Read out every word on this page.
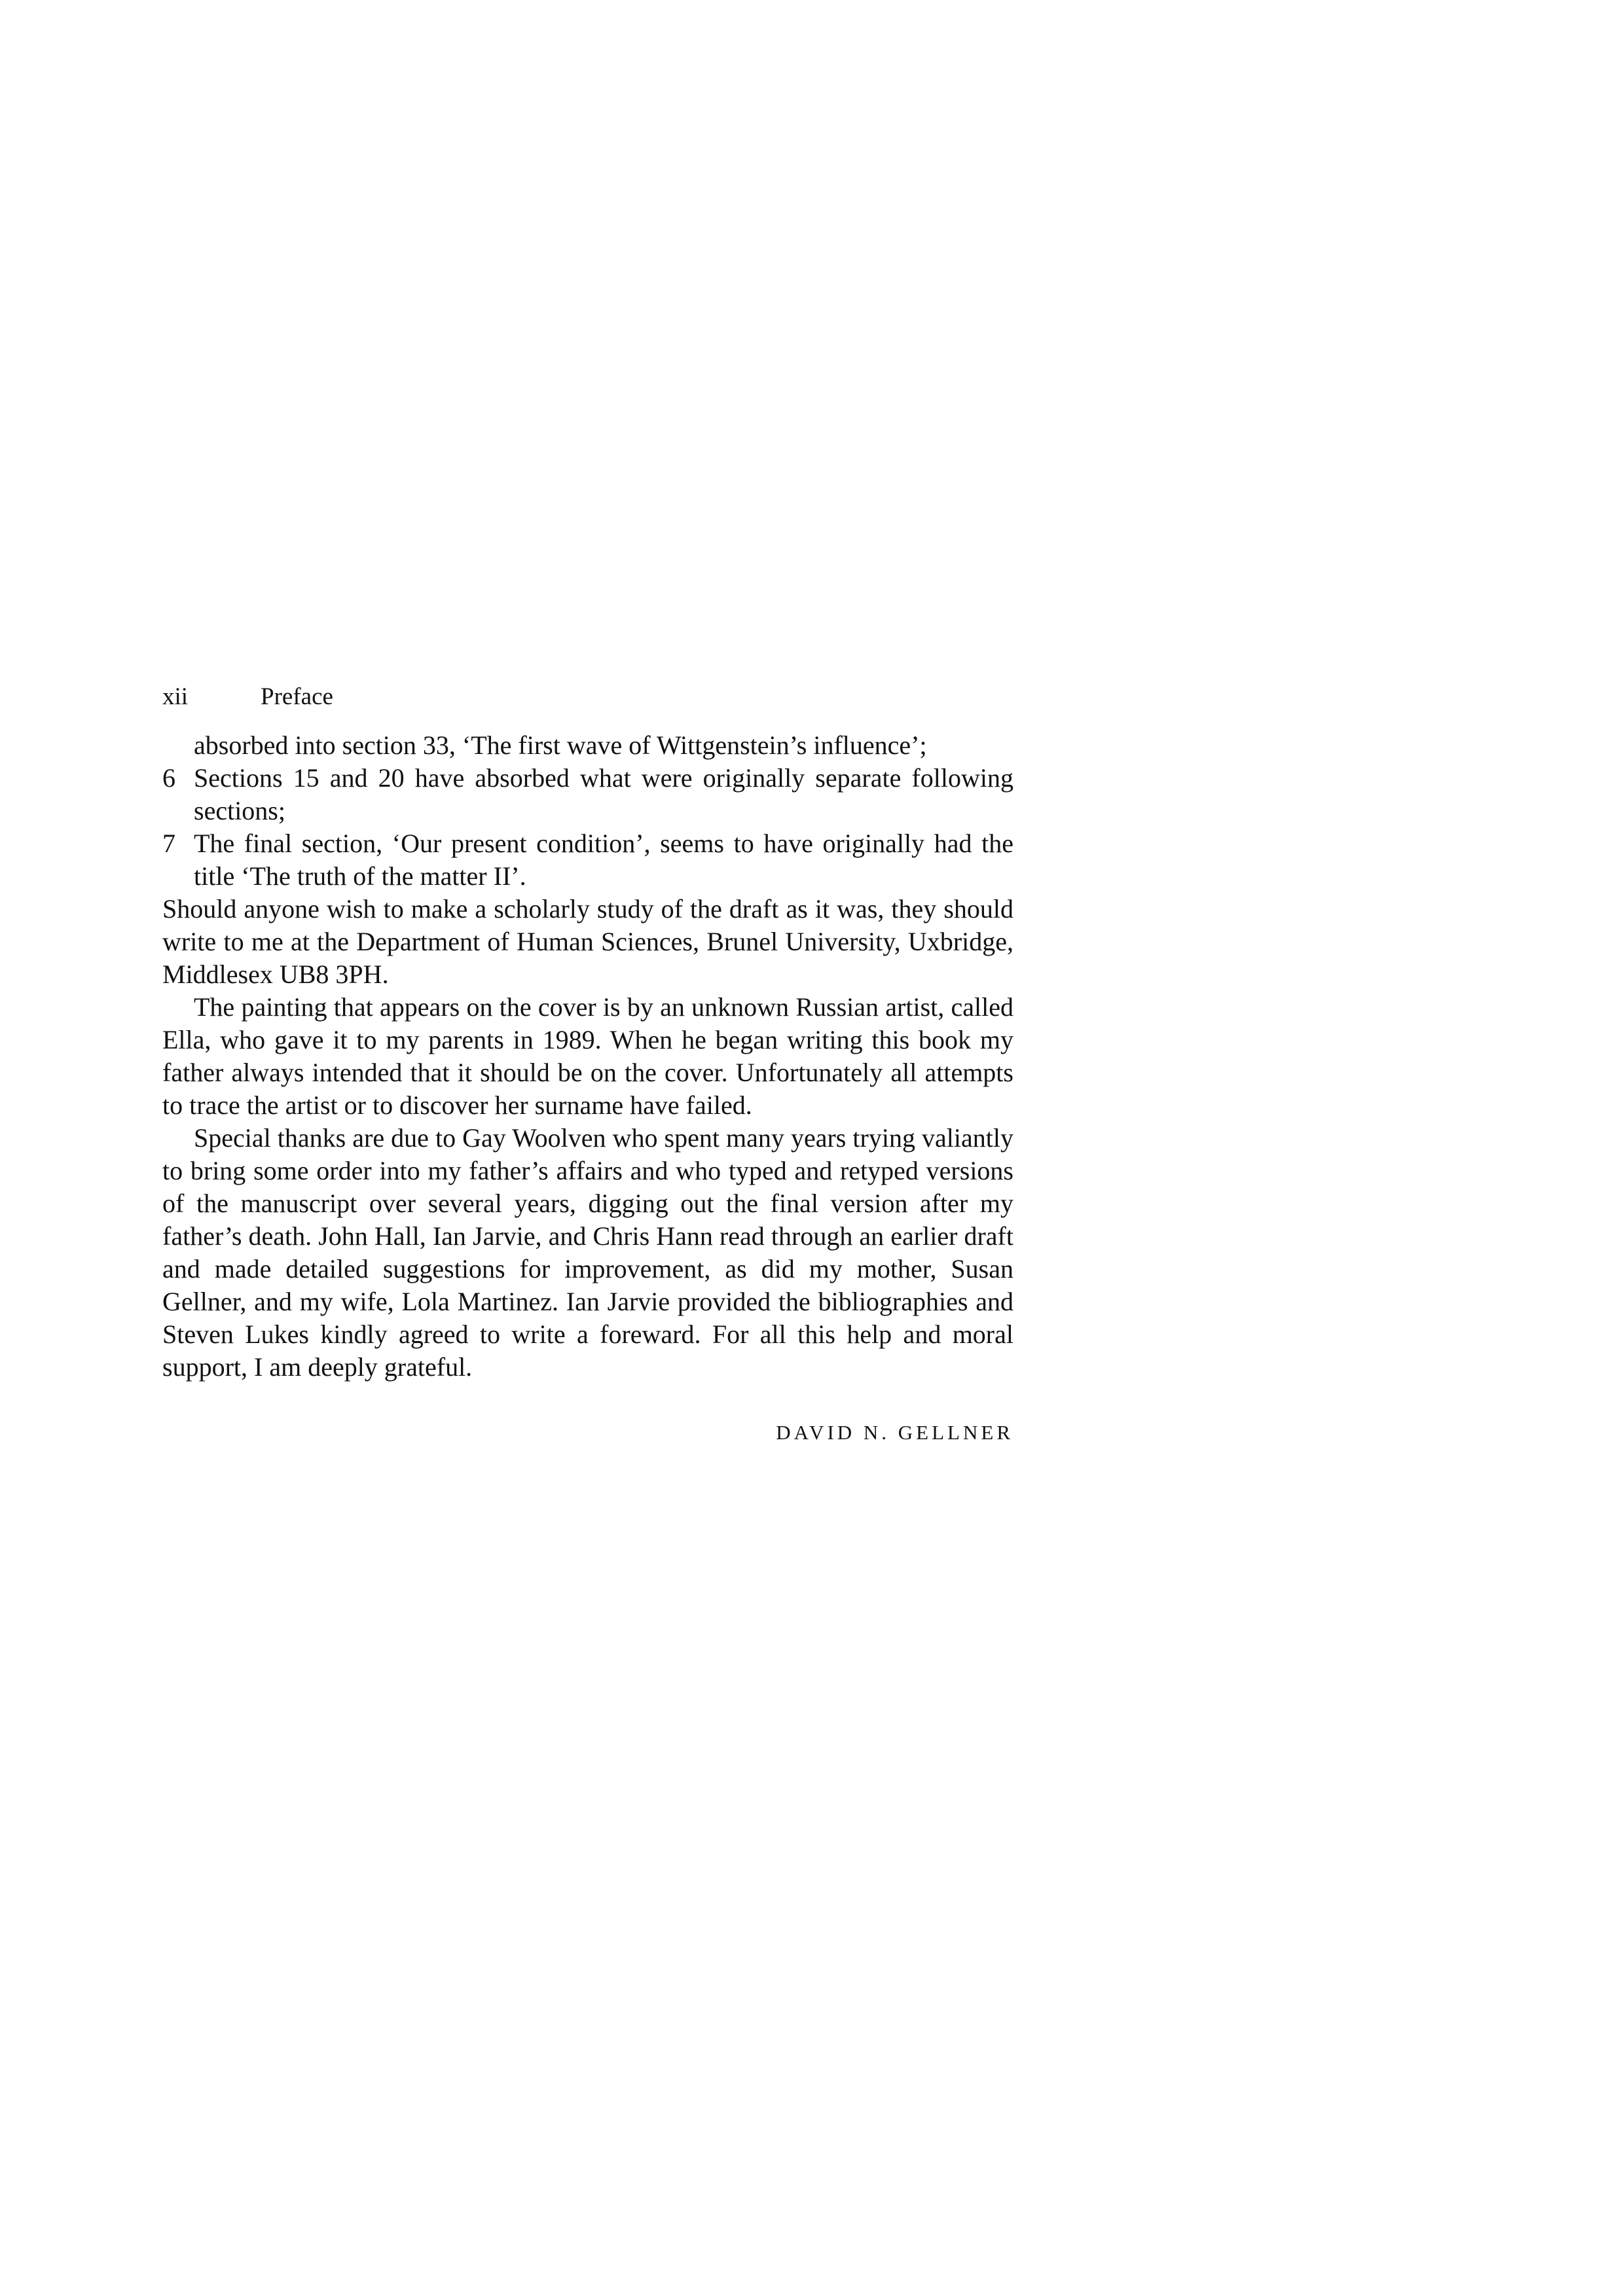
xii	Preface
absorbed into section 33, ‘The first wave of Wittgenstein’s influence’;
6 Sections 15 and 20 have absorbed what were originally separate following sections;
7 The final section, ‘Our present condition’, seems to have originally had the title ‘The truth of the matter II’.

Should anyone wish to make a scholarly study of the draft as it was, they should write to me at the Department of Human Sciences, Brunel University, Uxbridge, Middlesex UB8 3PH.

The painting that appears on the cover is by an unknown Russian artist, called Ella, who gave it to my parents in 1989. When he began writing this book my father always intended that it should be on the cover. Unfortunately all attempts to trace the artist or to discover her surname have failed.

Special thanks are due to Gay Woolven who spent many years trying valiantly to bring some order into my father’s affairs and who typed and retyped versions of the manuscript over several years, digging out the final version after my father’s death. John Hall, Ian Jarvie, and Chris Hann read through an earlier draft and made detailed suggestions for improvement, as did my mother, Susan Gellner, and my wife, Lola Martinez. Ian Jarvie provided the bibliographies and Steven Lukes kindly agreed to write a foreward. For all this help and moral support, I am deeply grateful.

DAVID N. GELLNER
